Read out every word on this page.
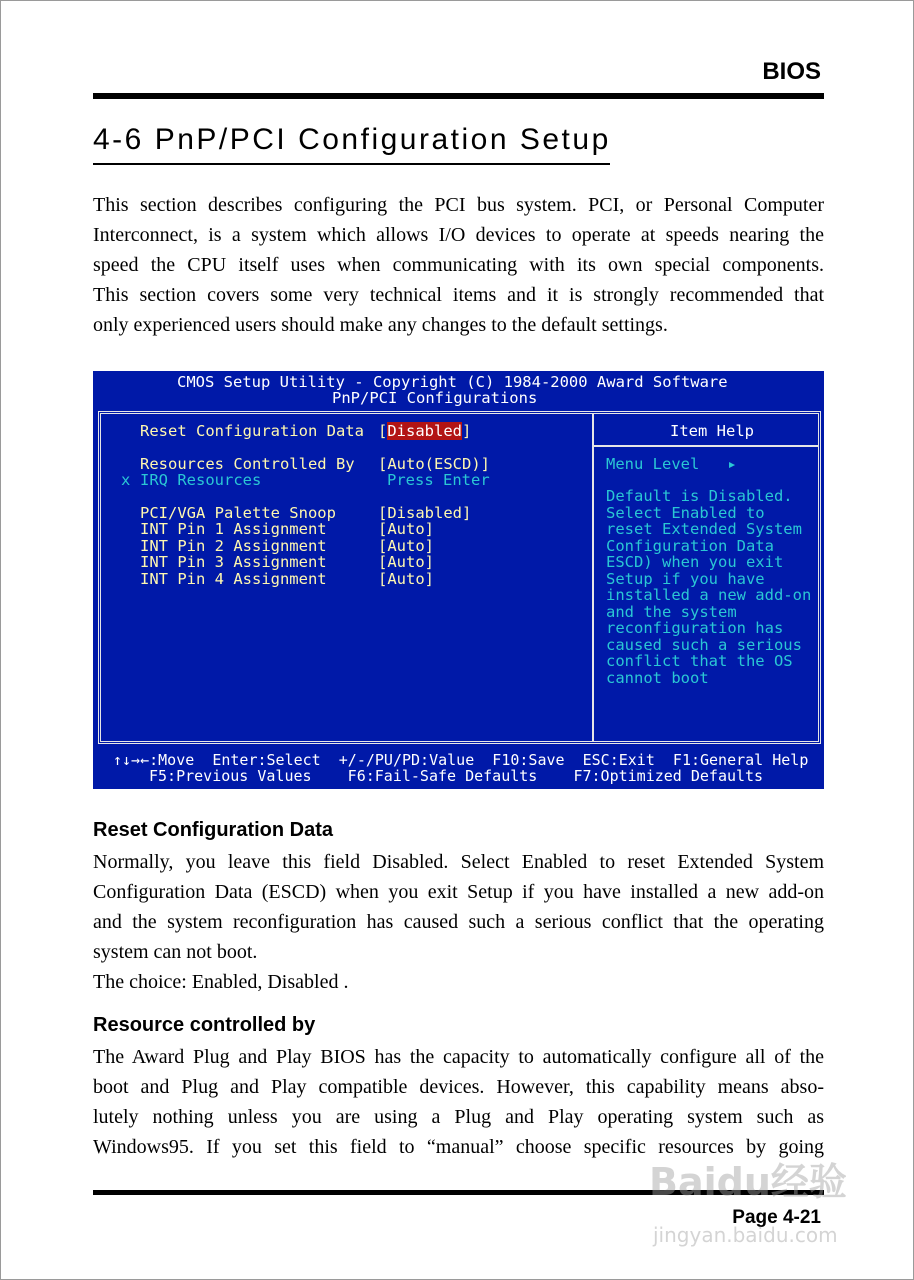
BIOS
4-6 PnP/PCI Configuration Setup

This section describes configuring the PCI bus system. PCI, or Personal Computer
Interconnect, is a system which allows I/O devices to operate at speeds nearing the
speed the CPU itself uses when communicating with its own special components.
This section covers some very technical items and it is strongly recommended that
only experienced users should make any changes to the default settings.

CMOS Setup Utility - Copyright (C) 1984-2000 Award Software
PnP/PCI Configurations
Reset Configuration Data [Disabled]
Resources Controlled By [Auto(ESCD)]
x IRQ Resources	Press Enter
PCI/VGA Palette Snoop	[Disabled]
INT Pin 1 Assignment	[Auto]
INT Pin 2 Assignment	[Auto]
INT Pin 3 Assignment	[Auto]
INT Pin 4 Assignment	[Auto]
Item Help
Menu Level   ▸
Default is Disabled.
Select Enabled to
reset Extended System
Configuration Data
ESCD) when you exit
Setup if you have
installed a new add-on
and the system
reconfiguration has
caused such a serious
conflict that the OS
cannot boot
↑↓→←:Move  Enter:Select  +/-/PU/PD:Value  F10:Save  ESC:Exit  F1:General Help
F5:Previous Values    F6:Fail-Safe Defaults    F7:Optimized Defaults
Reset Configuration Data

Normally, you leave this field Disabled. Select Enabled to reset Extended System
Configuration Data (ESCD) when you exit Setup if you have installed a new add-on
and the system reconfiguration has caused such a serious conflict that the operating
system can not boot.
The choice: Enabled, Disabled .

Resource controlled by

The Award Plug and Play BIOS has the capacity to automatically configure all of the
boot and Plug and Play compatible devices. However, this capability means abso-
lutely nothing unless you are using a Plug and Play operating system such as
Windows95. If you set this field to “manual” choose specific resources by going

Page 4-21
Baidu经验
jingyan.baidu.com
